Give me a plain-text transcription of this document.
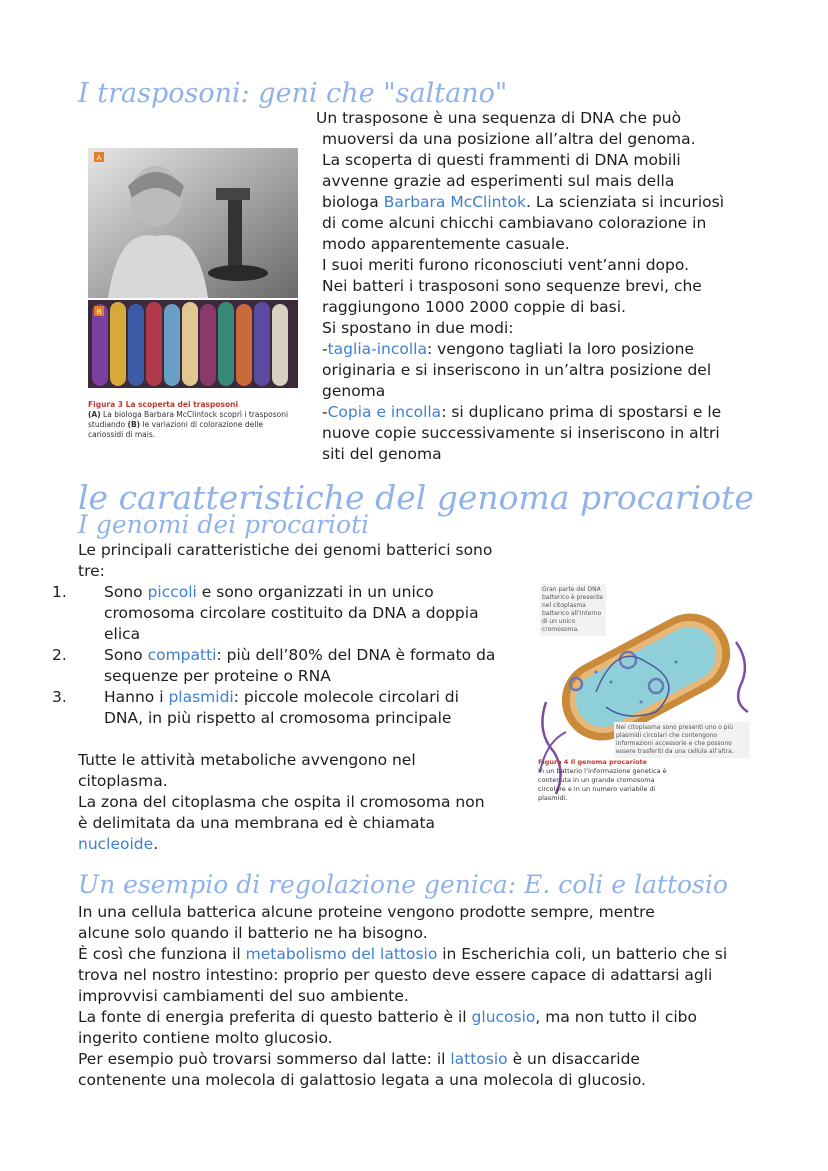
I trasposoni: geni che "saltano"
A
B
Figura 3 La scoperta dei trasposoni
(A) La biologa Barbara McClintock scoprì i trasposoni studiando (B) le variazioni di colorazione delle cariossidi di mais.

Un trasposone è una sequenza di DNA che può

muoversi da una posizione all’altra del genoma.

La scoperta di questi frammenti di DNA mobili

avvenne grazie ad esperimenti sul mais della

biologa Barbara McClintok. La scienziata si incuriosì

di come alcuni chicchi cambiavano colorazione in

modo apparentemente casuale.

I suoi meriti furono riconosciuti vent’anni dopo.

Nei batteri i trasposoni sono sequenze brevi, che

raggiungono 1000 2000 coppie di basi.

Si spostano in due modi:

-taglia-incolla: vengono tagliati la loro posizione

originaria e si inseriscono in un’altra posizione del

genoma

-Copia e incolla: si duplicano prima di spostarsi e le

nuove copie successivamente si inseriscono in altri

siti del genoma

le caratteristiche del genoma procariote
I genomi dei procarioti

Le principali caratteristiche dei genomi batterici sono

tre:

1. Sono piccoli e sono organizzati in un unico

cromosoma circolare costituito da DNA a doppia

elica

2. Sono compatti: più dell’80% del DNA è formato da

sequenze per proteine o RNA

3. Hanno i plasmidi: piccole molecole circolari di

DNA, in più rispetto al cromosoma principale

Tutte le attività metaboliche avvengono nel

citoplasma.

La zona del citoplasma che ospita il cromosoma non

è delimitata da una membrana ed è chiamata

nucleoide.

Gran parte del DNA batterico è presente nel citoplasma batterico all’interno di un unico cromosoma.
Nei citoplasma sono presenti uno o più plasmidi circolari che contengono informazioni accessorie e che possono essere trasferiti da una cellula all’altra.
Figura 4 Il genoma procariote
In un batterio l’informazione genetica è contenuta in un grande cromosoma circolare e in un numero variabile di plasmidi.
Un esempio di regolazione genica: E. coli e lattosio

In una cellula batterica alcune proteine vengono prodotte sempre, mentre

alcune solo quando il batterio ne ha bisogno.

È così che funziona il metabolismo del lattosio in Escherichia coli, un batterio che si

trova nel nostro intestino: proprio per questo deve essere capace di adattarsi agli

improvvisi cambiamenti del suo ambiente.

La fonte di energia preferita di questo batterio è il glucosio, ma non tutto il cibo

ingerito contiene molto glucosio.

Per esempio può trovarsi sommerso dal latte: il lattosio è un disaccaride

contenente una molecola di galattosio legata a una molecola di glucosio.
